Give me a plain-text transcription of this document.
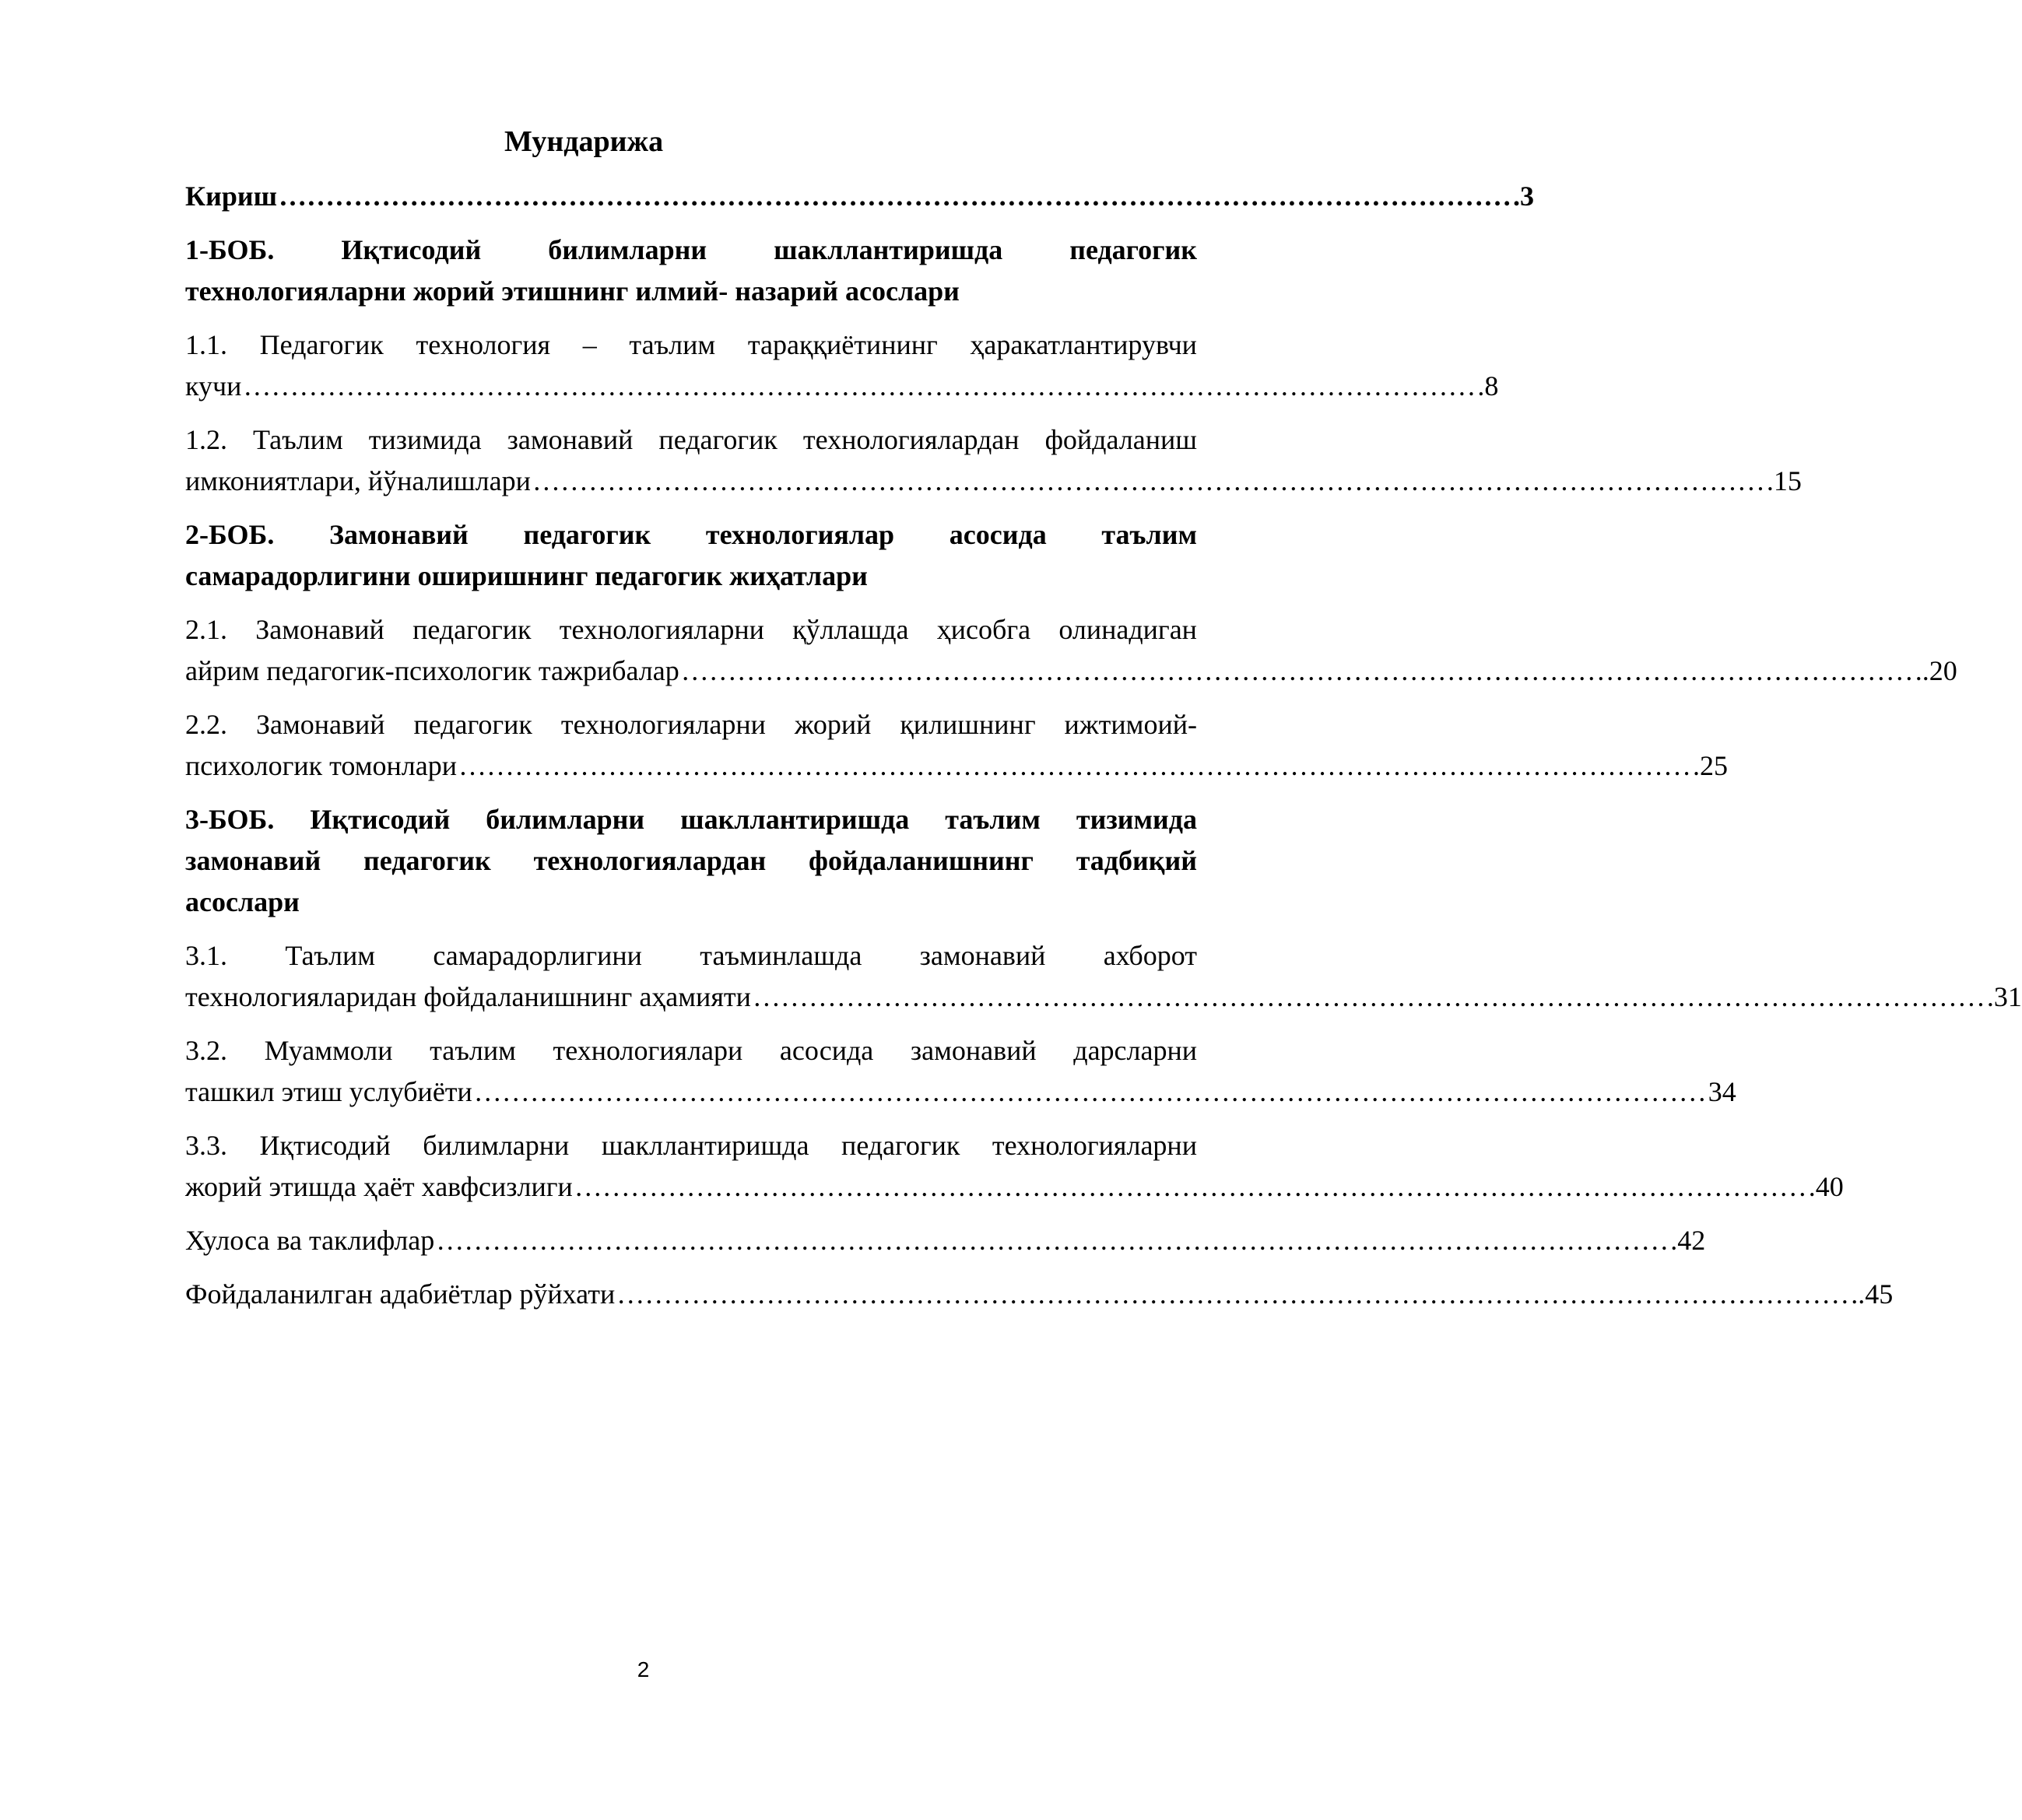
Мундарижа
Кириш …………………………………………………………………………………………………………………… .3
1-БОБ. Иқтисодий билимларни шакллантиришда педагогик
технологияларни жорий этишнинг илмий- назарий асослари
1.1. Педагогик технология – таълим тараққиётининг ҳаракатлантирувчи
кучи …………………………………………………………………………………………………………………… .8
1.2. Таълим тизимида замонавий педагогик технологиялардан фойдаланиш
имкониятлари, йўналишлари …………………………………………………………………………………………………………………… .15
2-БОБ. Замонавий педагогик технологиялар асосида таълим
самарадорлигини оширишнинг педагогик жиҳатлари
2.1. Замонавий педагогик технологияларни қўллашда ҳисобга олинадиган
айрим педагогик-психологик тажрибалар …………………………………………………………………………………………………………………… ..20
2.2. Замонавий педагогик технологияларни жорий қилишнинг ижтимоий-
психологик томонлари …………………………………………………………………………………………………………………… .25
3-БОБ. Иқтисодий билимларни шакллантиришда таълим тизимида
замонавий педагогик технологиялардан фойдаланишнинг тадбиқий
асослари
3.1. Таълим самарадорлигини таъминлашда замонавий ахборот
технологияларидан фойдаланишнинг аҳамияти …………………………………………………………………………………………………………………… .31
3.2. Муаммоли таълим технологиялари асосида замонавий дарсларни
ташкил этиш услубиёти …………………………………………………………………………………………………………………… 34
3.3. Иқтисодий билимларни шакллантиришда педагогик технологияларни
жорий этишда ҳаёт хавфсизлиги …………………………………………………………………………………………………………………… .40
Хулоса ва таклифлар …………………………………………………………………………………………………………………… .42
Фойдаланилган адабиётлар рўйхати …………………………………………………………………………………………………………………… ..45
2
